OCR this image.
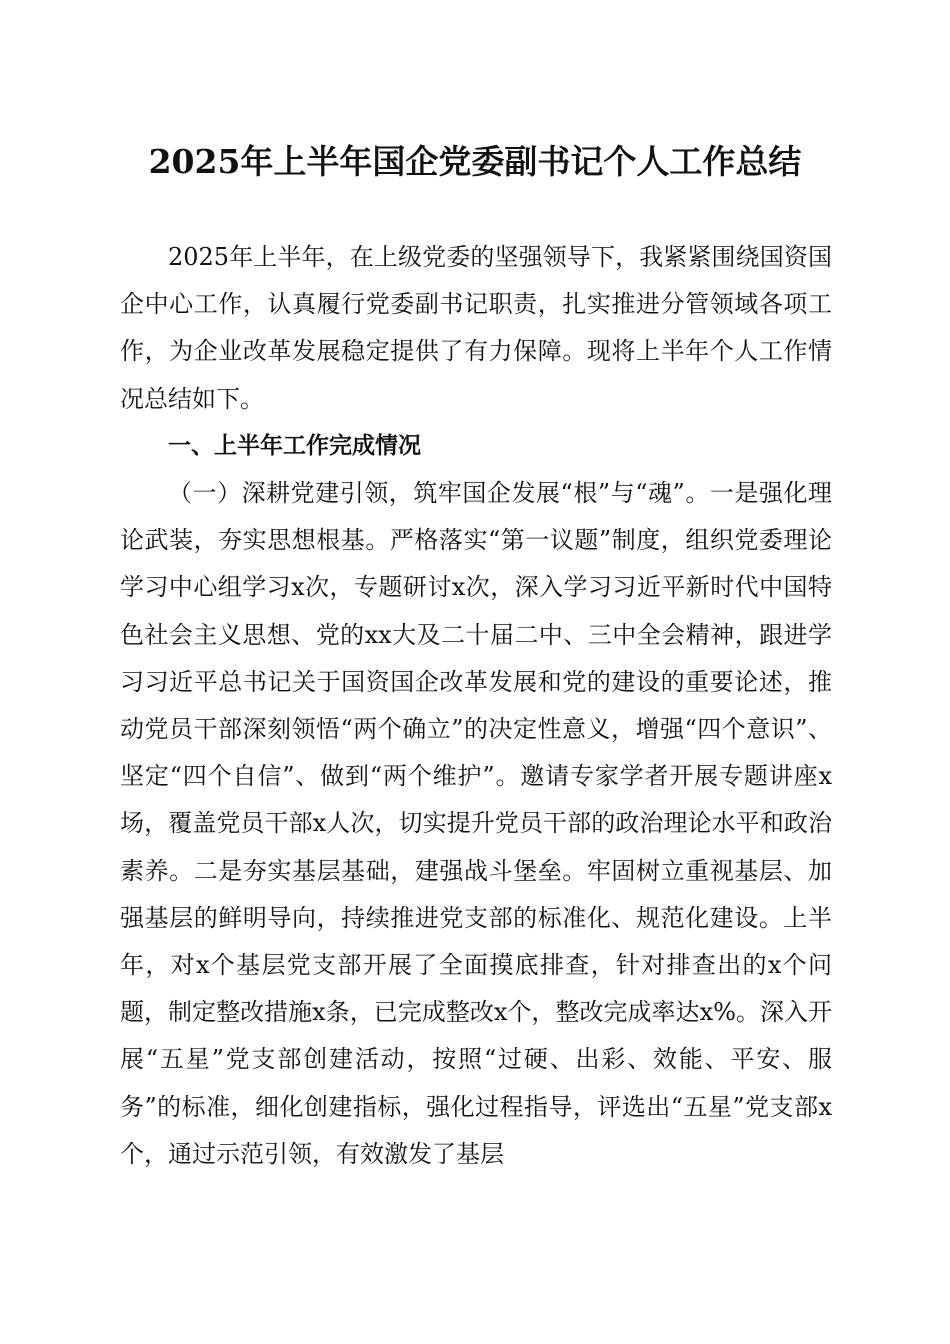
2025年上半年国企党委副书记个人工作总结

2025年上半年，在上级党委的坚强领导下，我紧紧围绕国资国企中心工作，认真履行党委副书记职责，扎实推进分管领域各项工作，为企业改革发展稳定提供了有力保障。现将上半年个人工作情况总结如下。

一、上半年工作完成情况

（一）深耕党建引领，筑牢国企发展“根”与“魂”。一是强化理论武装，夯实思想根基。严格落实“第一议题”制度，组织党委理论学习中心组学习x次，专题研讨x次，深入学习习近平新时代中国特色社会主义思想、党的xx大及二十届二中、三中全会精神，跟进学习习近平总书记关于国资国企改革发展和党的建设的重要论述，推动党员干部深刻领悟“两个确立”的决定性意义，增强“四个意识”、坚定“四个自信”、做到“两个维护”。邀请专家学者开展专题讲座x场，覆盖党员干部x人次，切实提升党员干部的政治理论水平和政治素养。二是夯实基层基础，建强战斗堡垒。牢固树立重视基层、加强基层的鲜明导向，持续推进党支部的标准化、规范化建设。上半年，对x个基层党支部开展了全面摸底排查，针对排查出的x个问题，制定整改措施x条，已完成整改x个，整改完成率达x%。深入开展“五星”党支部创建活动，按照“过硬、出彩、效能、平安、服务”的标准，细化创建指标，强化过程指导，评选出“五星”党支部x个，通过示范引领，有效激发了基层
